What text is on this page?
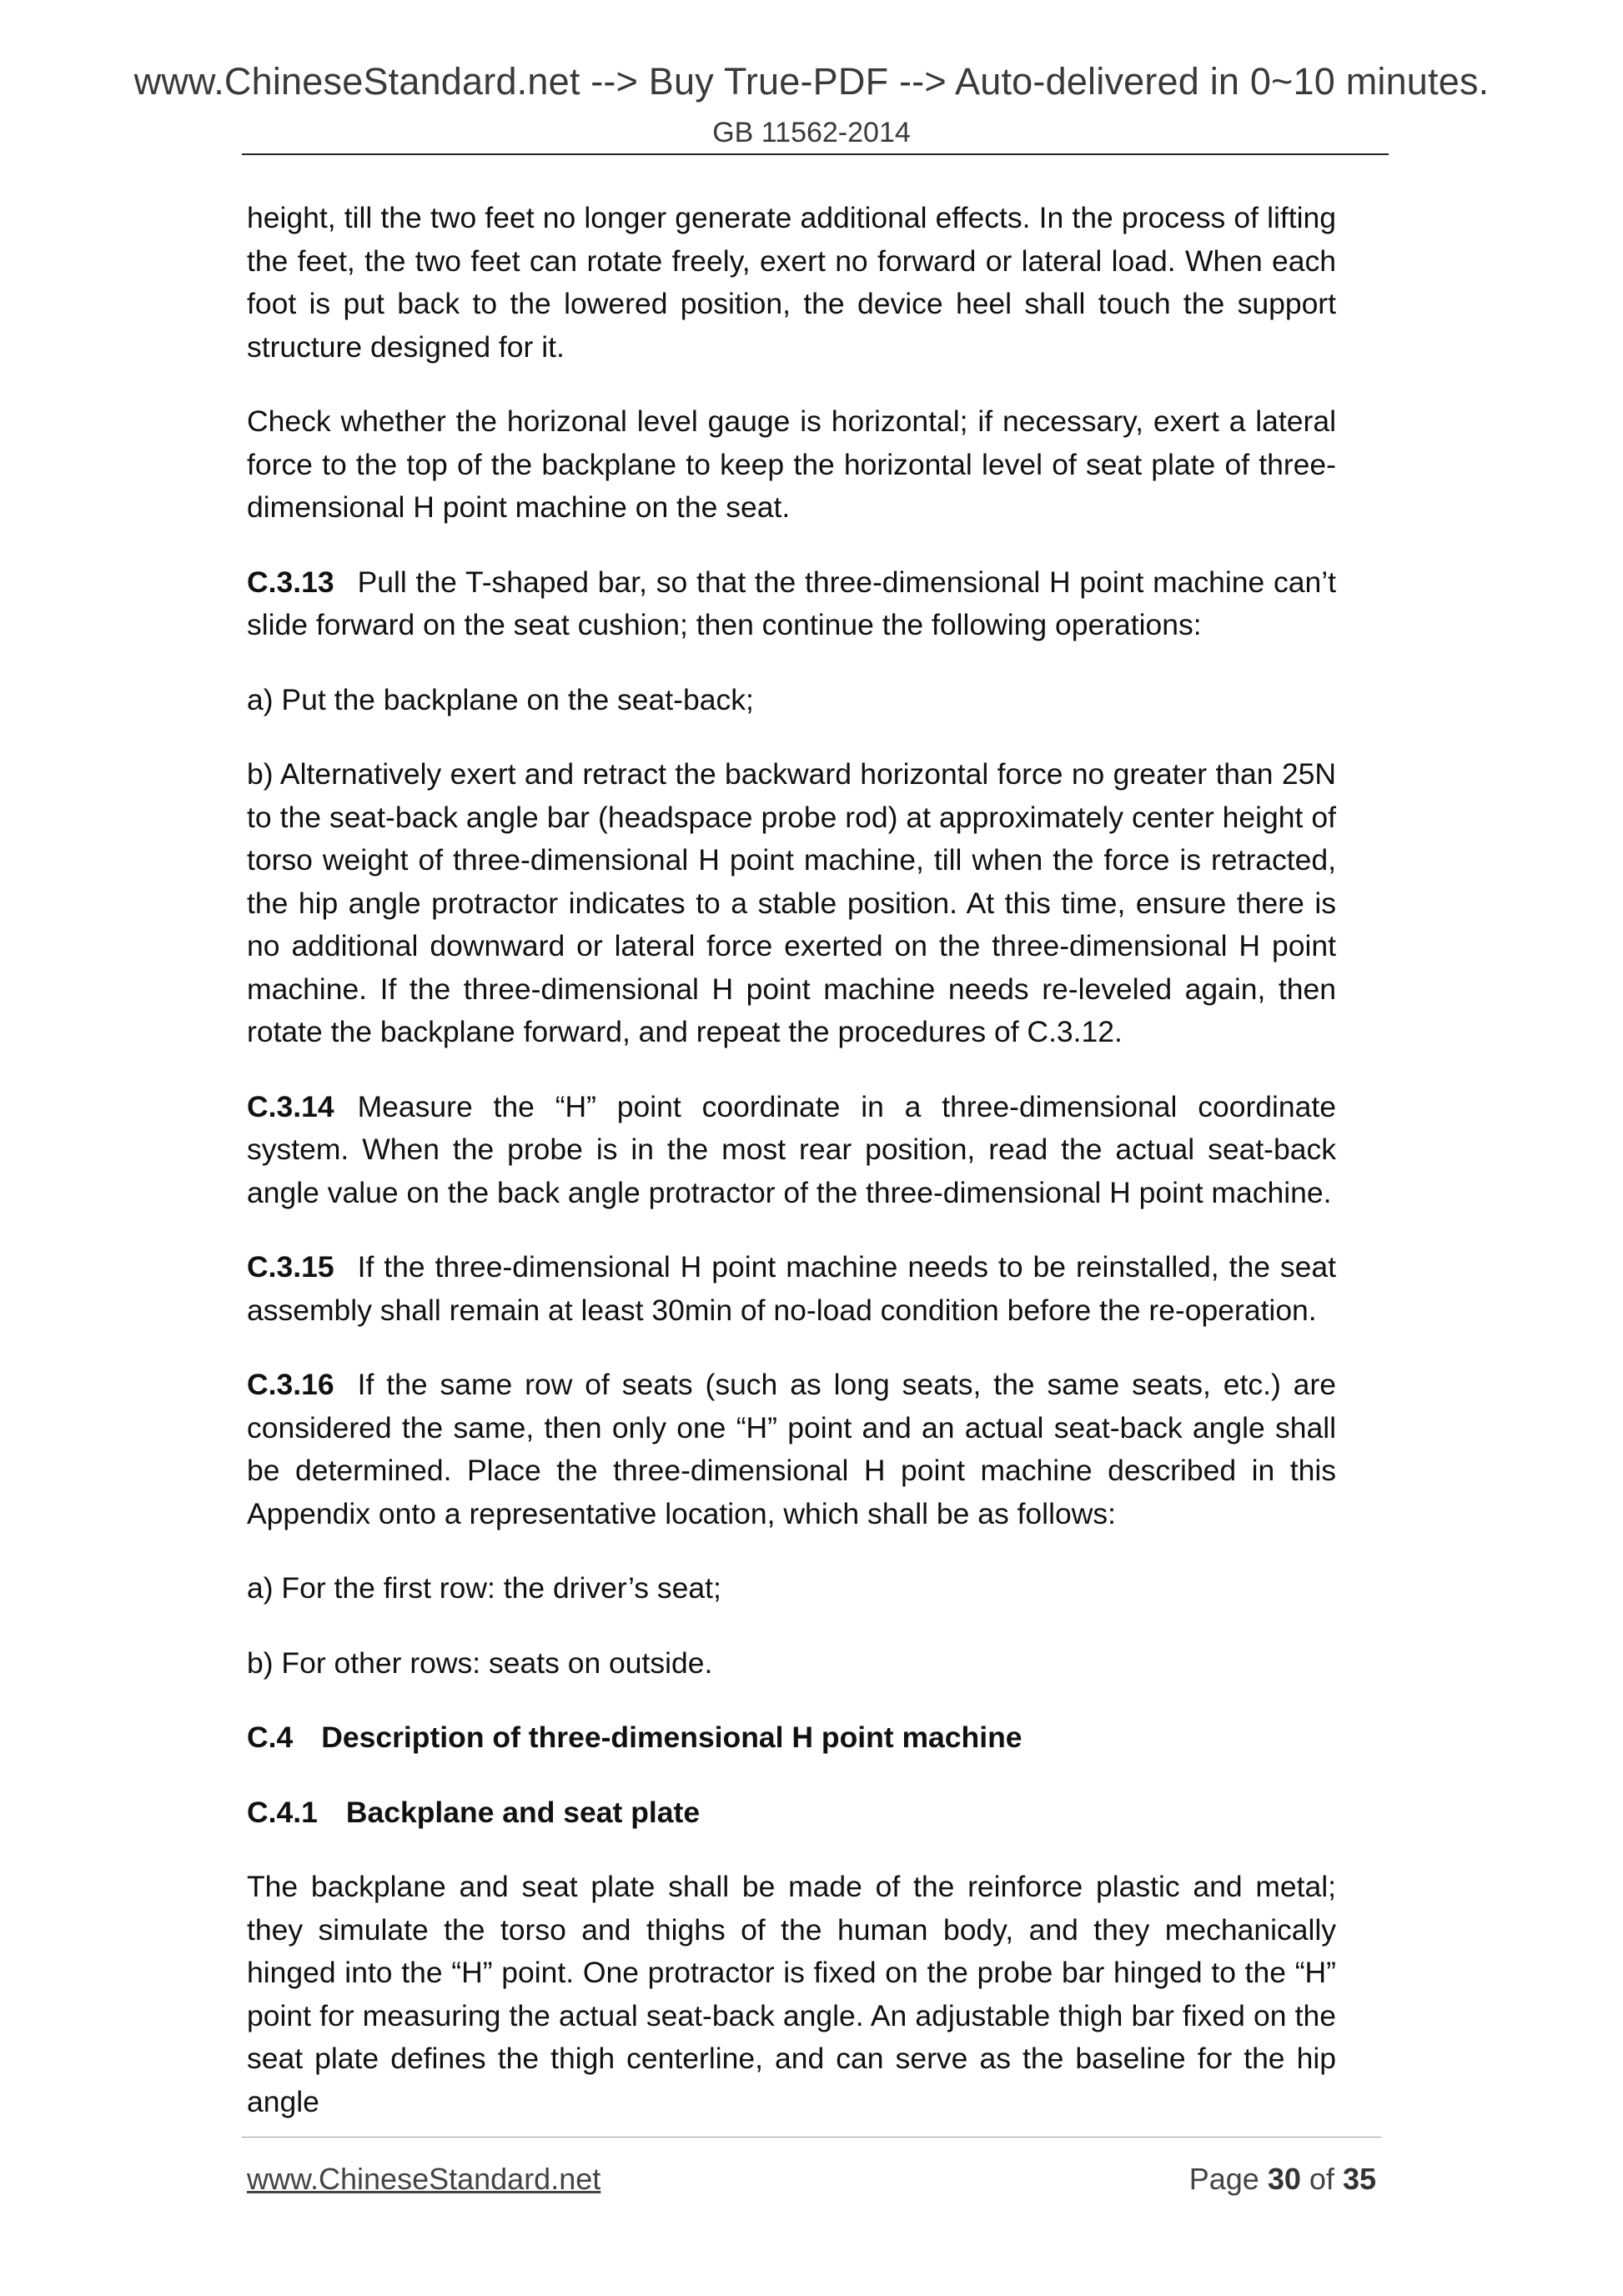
www.ChineseStandard.net --> Buy True-PDF --> Auto-delivered in 0~10 minutes.
GB 11562-2014

height, till the two feet no longer generate additional effects. In the process of lifting the feet, the two feet can rotate freely, exert no forward or lateral load. When each foot is put back to the lowered position, the device heel shall touch the support structure designed for it.

Check whether the horizonal level gauge is horizontal; if necessary, exert a lateral force to the top of the backplane to keep the horizontal level of seat plate of three-dimensional H point machine on the seat.

C.3.13 Pull the T-shaped bar, so that the three-dimensional H point machine can’t slide forward on the seat cushion; then continue the following operations:

a) Put the backplane on the seat-back;

b) Alternatively exert and retract the backward horizontal force no greater than 25N to the seat-back angle bar (headspace probe rod) at approximately center height of torso weight of three-dimensional H point machine, till when the force is retracted, the hip angle protractor indicates to a stable position. At this time, ensure there is no additional downward or lateral force exerted on the three-dimensional H point machine. If the three-dimensional H point machine needs re-leveled again, then rotate the backplane forward, and repeat the procedures of C.3.12.

C.3.14 Measure the “H” point coordinate in a three-dimensional coordinate system. When the probe is in the most rear position, read the actual seat-back angle value on the back angle protractor of the three-dimensional H point machine.

C.3.15 If the three-dimensional H point machine needs to be reinstalled, the seat assembly shall remain at least 30min of no-load condition before the re-operation.

C.3.16 If the same row of seats (such as long seats, the same seats, etc.) are considered the same, then only one “H” point and an actual seat-back angle shall be determined. Place the three-dimensional H point machine described in this Appendix onto a representative location, which shall be as follows:

a) For the first row: the driver’s seat;

b) For other rows: seats on outside.

C.4 Description of three-dimensional H point machine

C.4.1 Backplane and seat plate

The backplane and seat plate shall be made of the reinforce plastic and metal; they simulate the torso and thighs of the human body, and they mechanically hinged into the “H” point. One protractor is fixed on the probe bar hinged to the “H” point for measuring the actual seat-back angle. An adjustable thigh bar fixed on the seat plate defines the thigh centerline, and can serve as the baseline for the hip angle

www.ChineseStandard.net	Page 30 of 35
